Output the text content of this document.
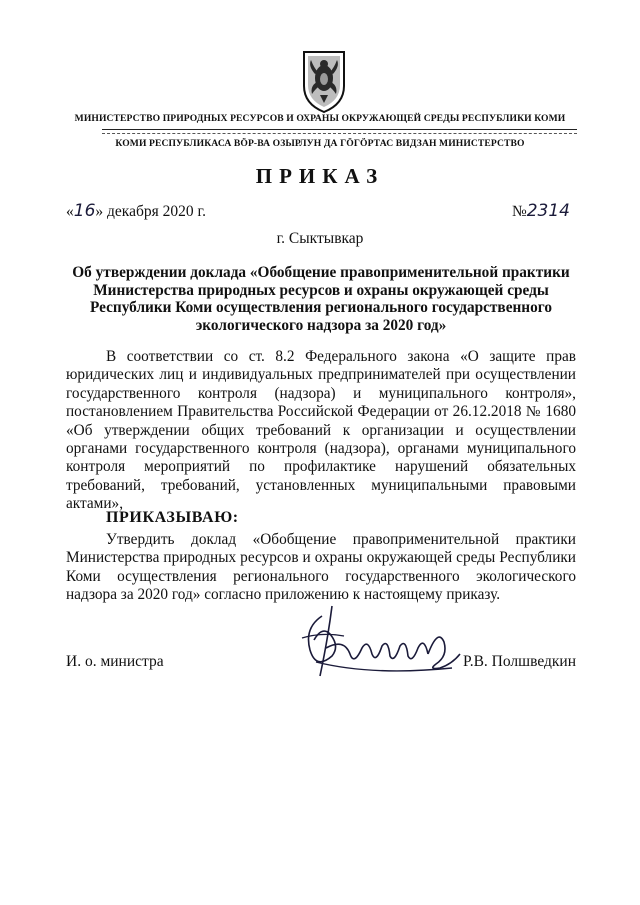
МИНИСТЕРСТВО ПРИРОДНЫХ РЕСУРСОВ И ОХРАНЫ ОКРУЖАЮЩЕЙ СРЕДЫ РЕСПУБЛИКИ КОМИ
КОМИ РЕСПУБЛИКАСА ВӦР-ВА ОЗЫРЛУН ДА ГӦГӦРТАС ВИДЗАН МИНИСТЕРСТВО
ПРИКАЗ
«16» декабря 2020 г.	№2314
г. Сыктывкар
Об утверждении доклада «Обобщение правоприменительной практики Министерства природных ресурсов и охраны окружающей среды Республики Коми осуществления регионального государственного экологического надзора за 2020 год»
В соответствии со ст. 8.2 Федерального закона «О защите прав юридических лиц и индивидуальных предпринимателей при осуществлении государственного контроля (надзора) и муниципального контроля», постановлением Правительства Российской Федерации от 26.12.2018 № 1680 «Об утверждении общих требований к организации и осуществлении органами государственного контроля (надзора), органами муниципального контроля мероприятий по профилактике нарушений обязательных требований, требований, установленных муниципальными правовыми актами»,
ПРИКАЗЫВАЮ:
Утвердить доклад «Обобщение правоприменительной практики Министерства природных ресурсов и охраны окружающей среды Республики Коми осуществления регионального государственного экологического надзора за 2020 год» согласно приложению к настоящему приказу.
И. о. министра	Р.В. Полшведкин
